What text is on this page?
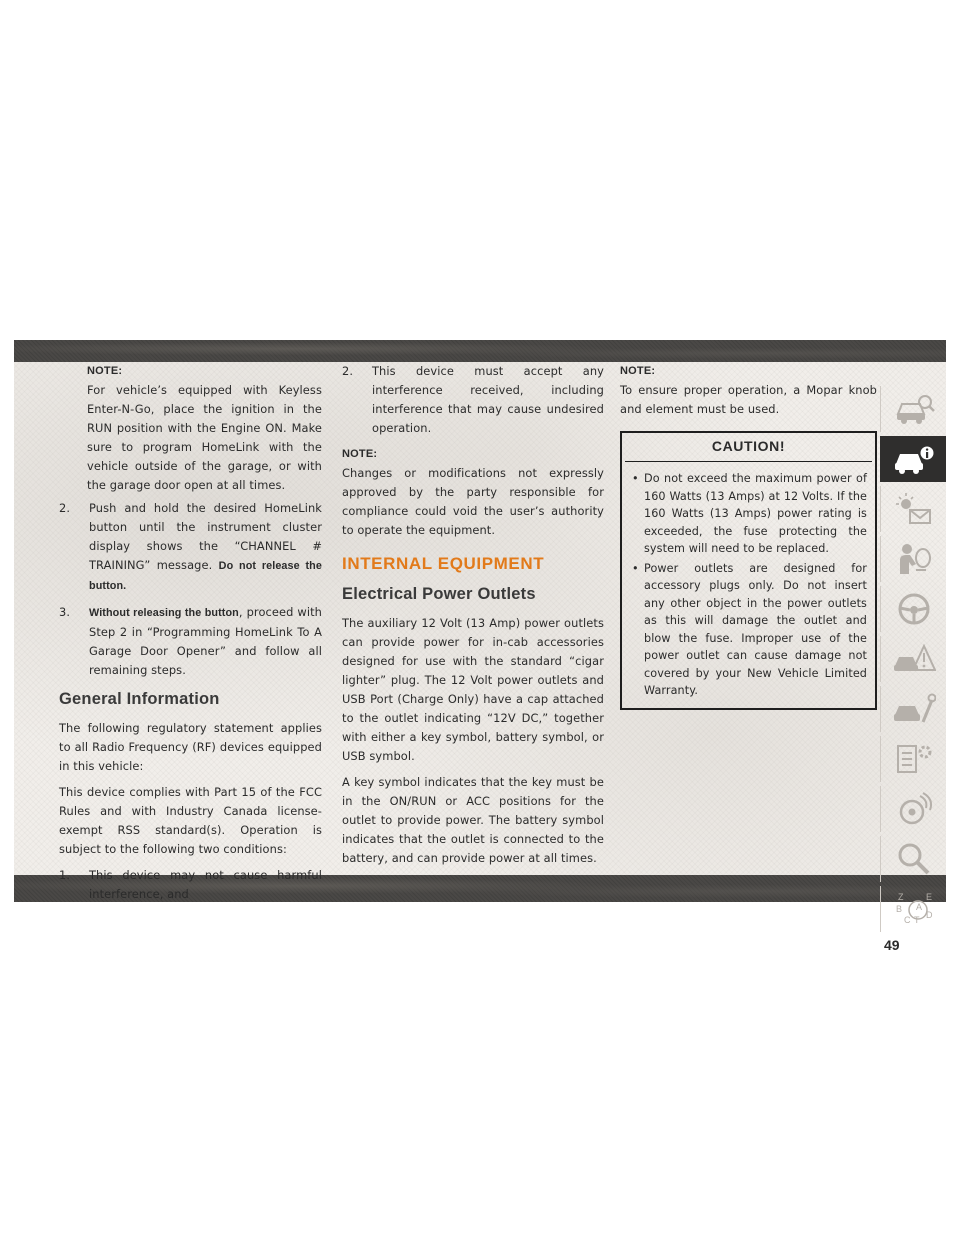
NOTE:
For vehicle’s equipped with Keyless Enter-N-Go, place the ignition in the RUN position with the Engine ON. Make sure to program HomeLink with the vehicle outside of the garage, or with the garage door open at all times.
2.	Push and hold the desired HomeLink button until the instrument cluster display shows the “CHANNEL # TRAINING” message. Do not release the button.
3.	Without releasing the button, proceed with Step 2 in “Programming HomeLink To A Garage Door Opener” and follow all remaining steps.
General Information

The following regulatory statement applies to all Radio Frequency (RF) devices equipped in this vehicle:

This device complies with Part 15 of the FCC Rules and with Industry Canada license-exempt RSS standard(s). Operation is subject to the following two conditions:

1.	This device may not cause harmful interference, and
2.	This device must accept any interference received, including interference that may cause undesired operation.
NOTE:

Changes or modifications not expressly approved by the party responsible for compliance could void the user’s authority to operate the equipment.

INTERNAL EQUIPMENT
Electrical Power Outlets

The auxiliary 12 Volt (13 Amp) power outlets can provide power for in-cab accessories designed for use with the standard “cigar lighter” plug. The 12 Volt power outlets and USB Port (Charge Only) have a cap attached to the outlet indicating “12V DC,” together with either a key symbol, battery symbol, or USB symbol.

A key symbol indicates that the key must be in the ON/RUN or ACC positions for the outlet to provide power. The battery symbol indicates that the outlet is connected to the battery, and can provide power at all times.

NOTE:

To ensure proper operation, a Mopar knob and element must be used.

CAUTION!
• Do not exceed the maximum power of 160 Watts (13 Amps) at 12 Volts. If the 160 Watts (13 Amps) power rating is exceeded, the fuse protecting the system will need to be replaced.
• Power outlets are designed for accessory plugs only. Do not insert any other object in the power outlets as this will damage the outlet and blow the fuse. Improper use of the power outlet can cause damage not covered by your New Vehicle Limited Warranty.
Z	E
B A
C T D
49
